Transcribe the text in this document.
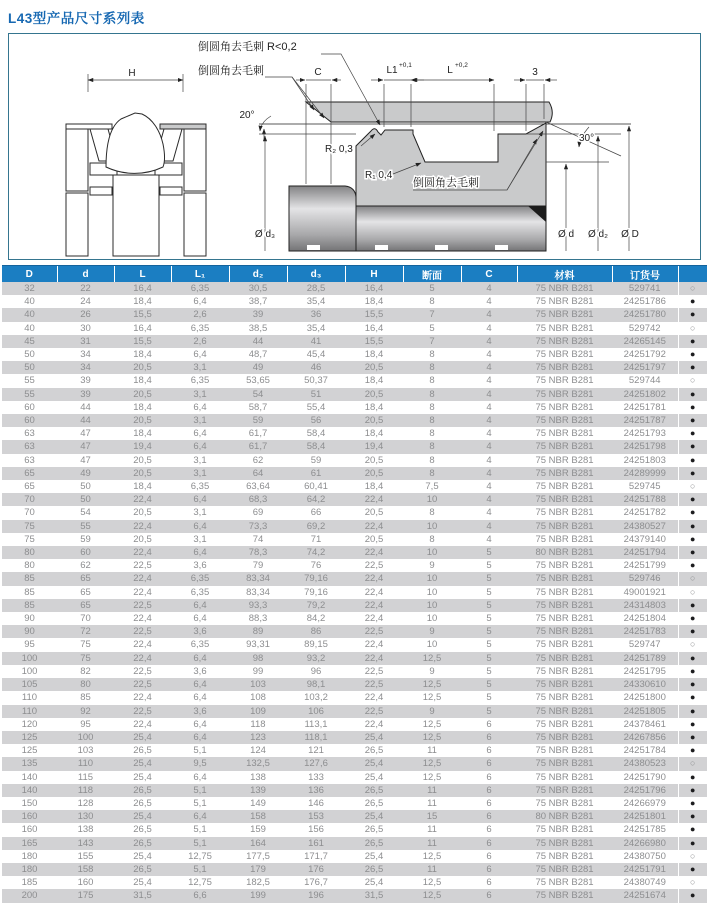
L43型产品尺寸系列表
H
倒圆角去毛刺 R<0,2
倒圆角去毛刺
20°
C	L1 +0,1	L +0,2
3
30°
R₂ 0,3
R₁ 0,4
倒圆角去毛刺
Ø d₃	Ø d Ø d₂ Ø D
D	d	L	L₁	d₂	d₃	H	断面	C	材料	订货号	
32	22	16,4	6,35	30,5	28,5	16,4	5	4	75 NBR B281	529741	○
40	24	18,4	6,4	38,7	35,4	18,4	8	4	75 NBR B281	24251786	●
40	26	15,5	2,6	39	36	15,5	7	4	75 NBR B281	24251780	●
40	30	16,4	6,35	38,5	35,4	16,4	5	4	75 NBR B281	529742	○
45	31	15,5	2,6	44	41	15,5	7	4	75 NBR B281	24265145	●
50	34	18,4	6,4	48,7	45,4	18,4	8	4	75 NBR B281	24251792	●
50	34	20,5	3,1	49	46	20,5	8	4	75 NBR B281	24251797	●
55	39	18,4	6,35	53,65	50,37	18,4	8	4	75 NBR B281	529744	○
55	39	20,5	3,1	54	51	20,5	8	4	75 NBR B281	24251802	●
60	44	18,4	6,4	58,7	55,4	18,4	8	4	75 NBR B281	24251781	●
60	44	20,5	3,1	59	56	20,5	8	4	75 NBR B281	24251787	●
63	47	18,4	6,4	61,7	58,4	18,4	8	4	75 NBR B281	24251793	●
63	47	19,4	6,4	61,7	58,4	19,4	8	4	75 NBR B281	24251798	●
63	47	20,5	3,1	62	59	20,5	8	4	75 NBR B281	24251803	●
65	49	20,5	3,1	64	61	20,5	8	4	75 NBR B281	24289999	●
65	50	18,4	6,35	63,64	60,41	18,4	7,5	4	75 NBR B281	529745	○
70	50	22,4	6,4	68,3	64,2	22,4	10	4	75 NBR B281	24251788	●
70	54	20,5	3,1	69	66	20,5	8	4	75 NBR B281	24251782	●
75	55	22,4	6,4	73,3	69,2	22,4	10	4	75 NBR B281	24380527	●
75	59	20,5	3,1	74	71	20,5	8	4	75 NBR B281	24379140	●
80	60	22,4	6,4	78,3	74,2	22,4	10	5	80 NBR B281	24251794	●
80	62	22,5	3,6	79	76	22,5	9	5	75 NBR B281	24251799	●
85	65	22,4	6,35	83,34	79,16	22,4	10	5	75 NBR B281	529746	○
85	65	22,4	6,35	83,34	79,16	22,4	10	5	75 NBR B281	49001921	○
85	65	22,5	6,4	93,3	79,2	22,4	10	5	75 NBR B281	24314803	●
90	70	22,4	6,4	88,3	84,2	22,4	10	5	75 NBR B281	24251804	●
90	72	22,5	3,6	89	86	22,5	9	5	75 NBR B281	24251783	●
95	75	22,4	6,35	93,31	89,15	22,4	10	5	75 NBR B281	529747	○
100	75	22,4	6,4	98	93,2	22,4	12,5	5	75 NBR B281	24251789	●
100	82	22,5	3,6	99	96	22,5	9	5	75 NBR B281	24251795	●
105	80	22,5	6,4	103	98,1	22,5	12,5	5	75 NBR B281	24330610	●
110	85	22,4	6,4	108	103,2	22,4	12,5	5	75 NBR B281	24251800	●
110	92	22,5	3,6	109	106	22,5	9	5	75 NBR B281	24251805	●
120	95	22,4	6,4	118	113,1	22,4	12,5	6	75 NBR B281	24378461	●
125	100	25,4	6,4	123	118,1	25,4	12,5	6	75 NBR B281	24267856	●
125	103	26,5	5,1	124	121	26,5	11	6	75 NBR B281	24251784	●
135	110	25,4	9,5	132,5	127,6	25,4	12,5	6	75 NBR B281	24380523	○
140	115	25,4	6,4	138	133	25,4	12,5	6	75 NBR B281	24251790	●
140	118	26,5	5,1	139	136	26,5	11	6	75 NBR B281	24251796	●
150	128	26,5	5,1	149	146	26,5	11	6	75 NBR B281	24266979	●
160	130	25,4	6,4	158	153	25,4	15	6	80 NBR B281	24251801	●
160	138	26,5	5,1	159	156	26,5	11	6	75 NBR B281	24251785	●
165	143	26,5	5,1	164	161	26,5	11	6	75 NBR B281	24266980	●
180	155	25,4	12,75	177,5	171,7	25,4	12,5	6	75 NBR B281	24380750	○
180	158	26,5	5,1	179	176	26,5	11	6	75 NBR B281	24251791	●
185	160	25,4	12,75	182,5	176,7	25,4	12,5	6	75 NBR B281	24380749	○
200	175	31,5	6,6	199	196	31,5	12,5	6	75 NBR B281	24251674	●
